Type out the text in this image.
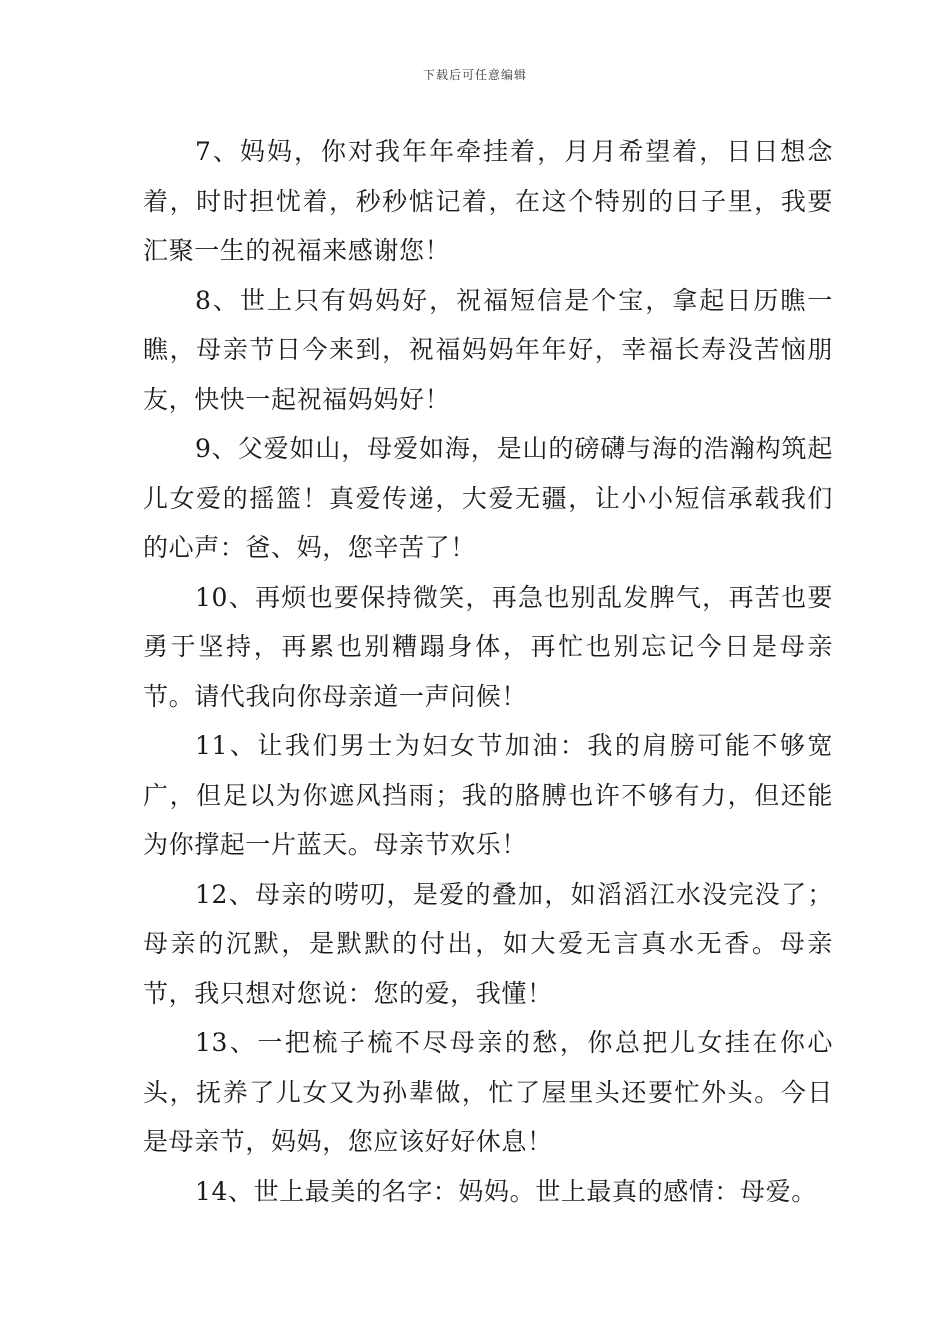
下载后可任意编辑

7、妈妈，你对我年年牵挂着，月月希望着，日日想念着，时时担忧着，秒秒惦记着，在这个特别的日子里，我要汇聚一生的祝福来感谢您！

8、世上只有妈妈好，祝福短信是个宝，拿起日历瞧一瞧，母亲节日今来到，祝福妈妈年年好，幸福长寿没苦恼朋友，快快一起祝福妈妈好！

9、父爱如山，母爱如海，是山的磅礴与海的浩瀚构筑起儿女爱的摇篮！真爱传递，大爱无疆，让小小短信承载我们的心声：爸、妈，您辛苦了！

10、再烦也要保持微笑，再急也别乱发脾气，再苦也要勇于坚持，再累也别糟蹋身体，再忙也别忘记今日是母亲节。请代我向你母亲道一声问候！

11、让我们男士为妇女节加油：我的肩膀可能不够宽广，但足以为你遮风挡雨；我的胳膊也许不够有力，但还能为你撑起一片蓝天。母亲节欢乐！

12、母亲的唠叨，是爱的叠加，如滔滔江水没完没了；母亲的沉默，是默默的付出，如大爱无言真水无香。母亲节，我只想对您说：您的爱，我懂！

13、一把梳子梳不尽母亲的愁，你总把儿女挂在你心头，抚养了儿女又为孙辈做，忙了屋里头还要忙外头。今日是母亲节，妈妈，您应该好好休息！

14、世上最美的名字：妈妈。世上最真的感情：母爱。
